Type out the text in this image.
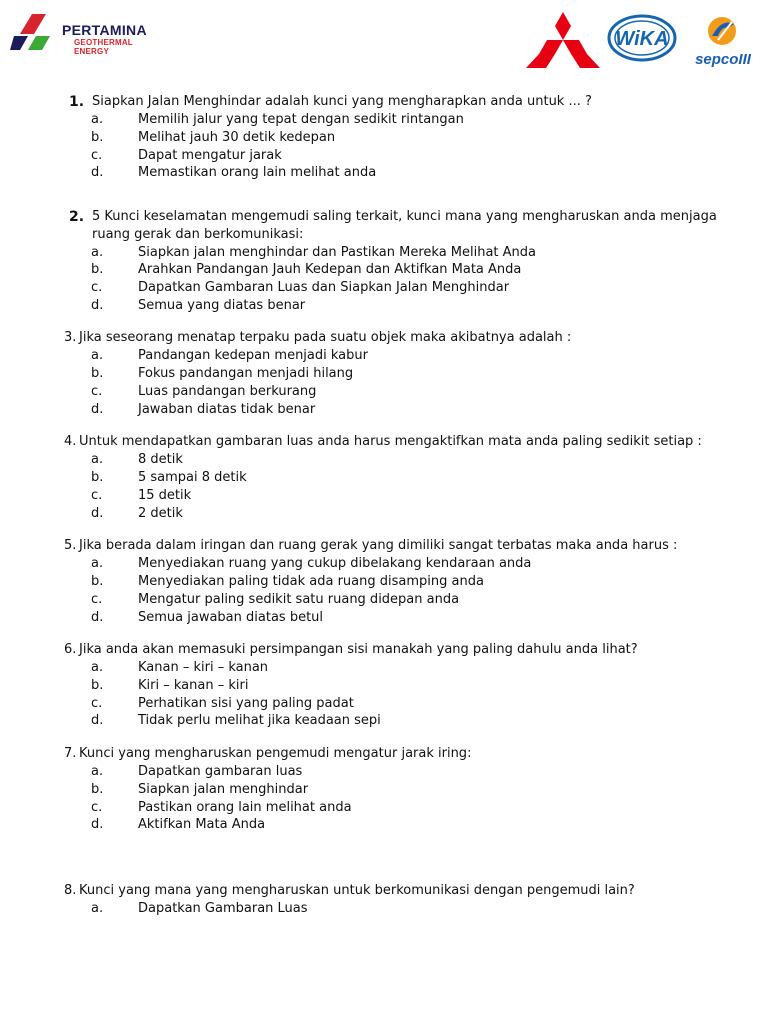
PERTAMINA
GEOTHERMAL ENERGY
WiKA
sepcoIII
1. Siapkan Jalan Menghindar adalah kunci yang mengharapkan anda untuk ... ?
a.	Memilih jalur yang tepat dengan sedikit rintangan
b.	Melihat jauh 30 detik kedepan
c.	Dapat mengatur jarak
d.	Memastikan orang lain melihat anda
2. 5 Kunci keselamatan mengemudi saling terkait, kunci mana yang mengharuskan anda menjaga
ruang gerak dan berkomunikasi:
a.	Siapkan jalan menghindar dan Pastikan Mereka Melihat Anda
b.	Arahkan Pandangan Jauh Kedepan dan Aktifkan Mata Anda
c.	Dapatkan Gambaran Luas dan Siapkan Jalan Menghindar
d.	Semua yang diatas benar
3. Jika seseorang menatap terpaku pada suatu objek maka akibatnya adalah :
a.	Pandangan kedepan menjadi kabur
b.	Fokus pandangan menjadi hilang
c.	Luas pandangan berkurang
d.	Jawaban diatas tidak benar
4. Untuk mendapatkan gambaran luas anda harus mengaktifkan mata anda paling sedikit setiap :
a.	8 detik
b.	5 sampai 8 detik
c.	15 detik
d.	2 detik
5. Jika berada dalam iringan dan ruang gerak yang dimiliki sangat terbatas maka anda harus :
a.	Menyediakan ruang yang cukup dibelakang kendaraan anda
b.	Menyediakan paling tidak ada ruang disamping anda
c.	Mengatur paling sedikit satu ruang didepan anda
d.	Semua jawaban diatas betul
6. Jika anda akan memasuki persimpangan sisi manakah yang paling dahulu anda lihat?
a.	Kanan – kiri – kanan
b.	Kiri – kanan – kiri
c.	Perhatikan sisi yang paling padat
d.	Tidak perlu melihat jika keadaan sepi
7. Kunci yang mengharuskan pengemudi mengatur jarak iring:
a.	Dapatkan gambaran luas
b.	Siapkan jalan menghindar
c.	Pastikan orang lain melihat anda
d.	Aktifkan Mata Anda
8. Kunci yang mana yang mengharuskan untuk berkomunikasi dengan pengemudi lain?
a.	Dapatkan Gambaran Luas
